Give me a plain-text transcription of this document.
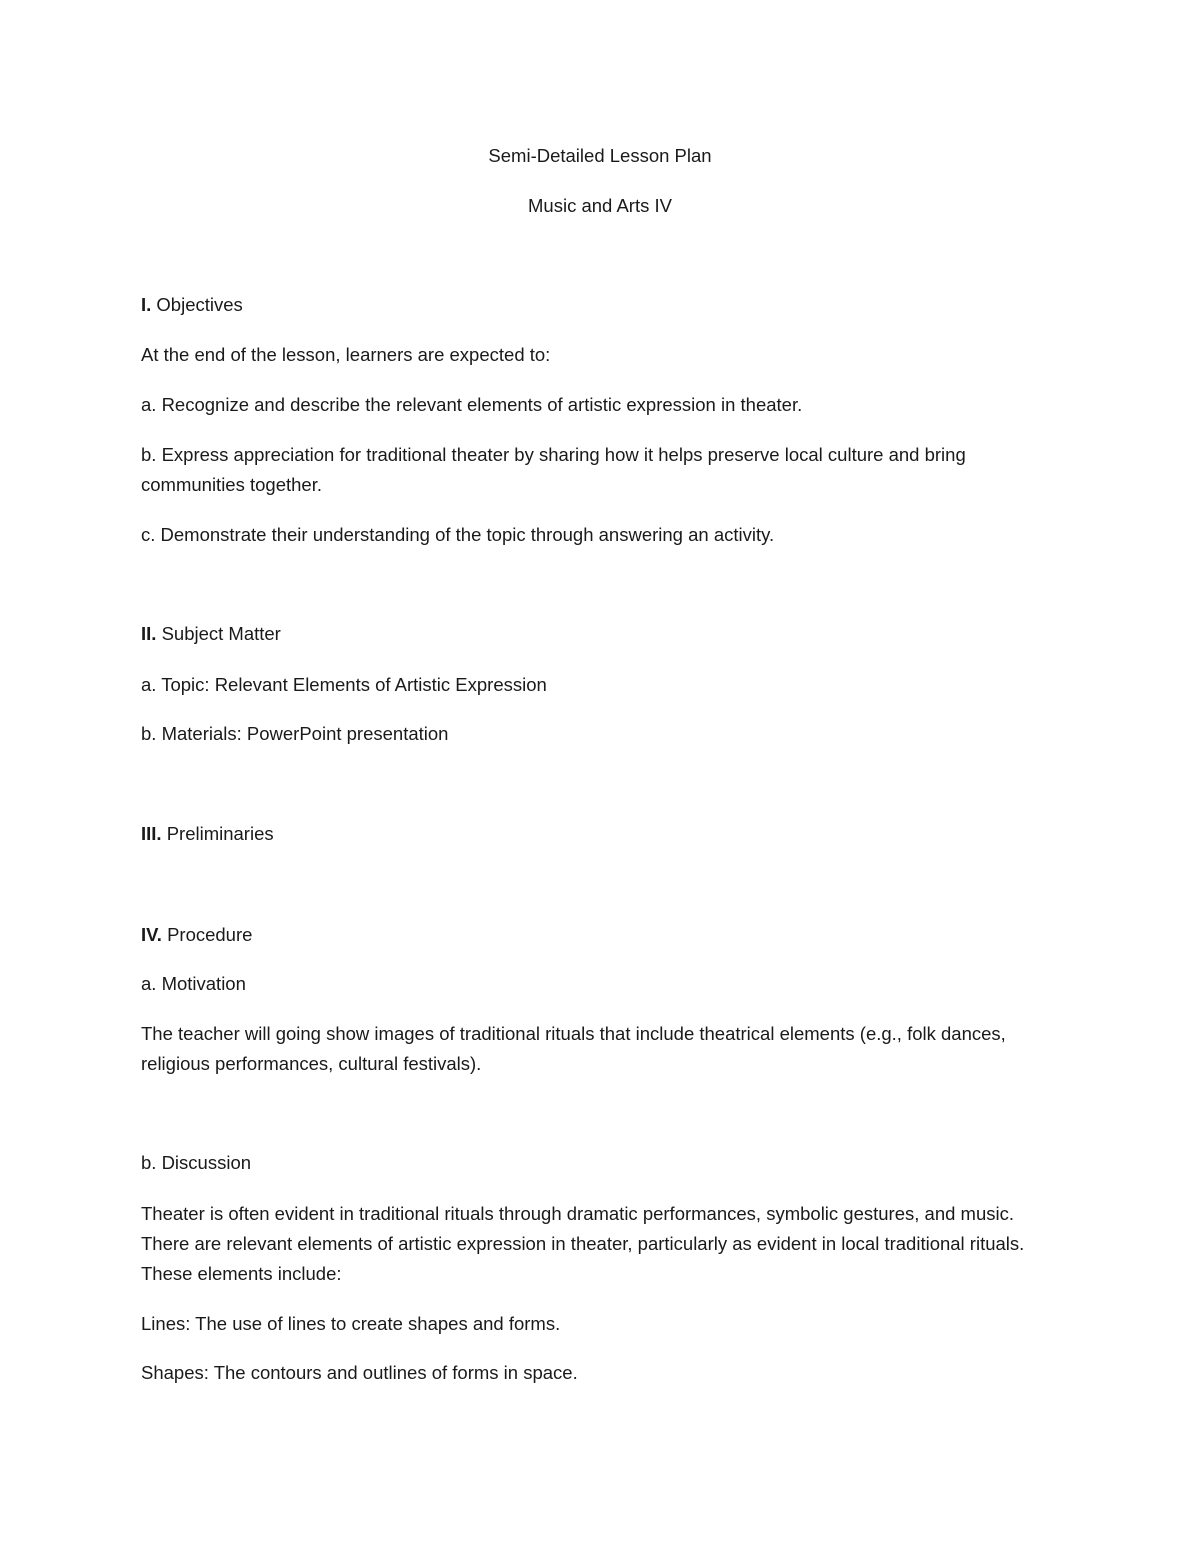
Semi-Detailed Lesson Plan
Music and Arts IV
I. Objectives
At the end of the lesson, learners are expected to:
a. Recognize and describe the relevant elements of artistic expression in theater.
b. Express appreciation for traditional theater by sharing how it helps preserve local culture and bring communities together.
c. Demonstrate their understanding of the topic through answering an activity.
II. Subject Matter
a. Topic: Relevant Elements of Artistic Expression
b. Materials: PowerPoint presentation
III. Preliminaries
IV. Procedure
a. Motivation
The teacher will going show images of traditional rituals that include theatrical elements (e.g., folk dances, religious performances, cultural festivals).
b. Discussion
Theater is often evident in traditional rituals through dramatic performances, symbolic gestures, and music. There are relevant elements of artistic expression in theater, particularly as evident in local traditional rituals. These elements include:
Lines: The use of lines to create shapes and forms.
Shapes: The contours and outlines of forms in space.
